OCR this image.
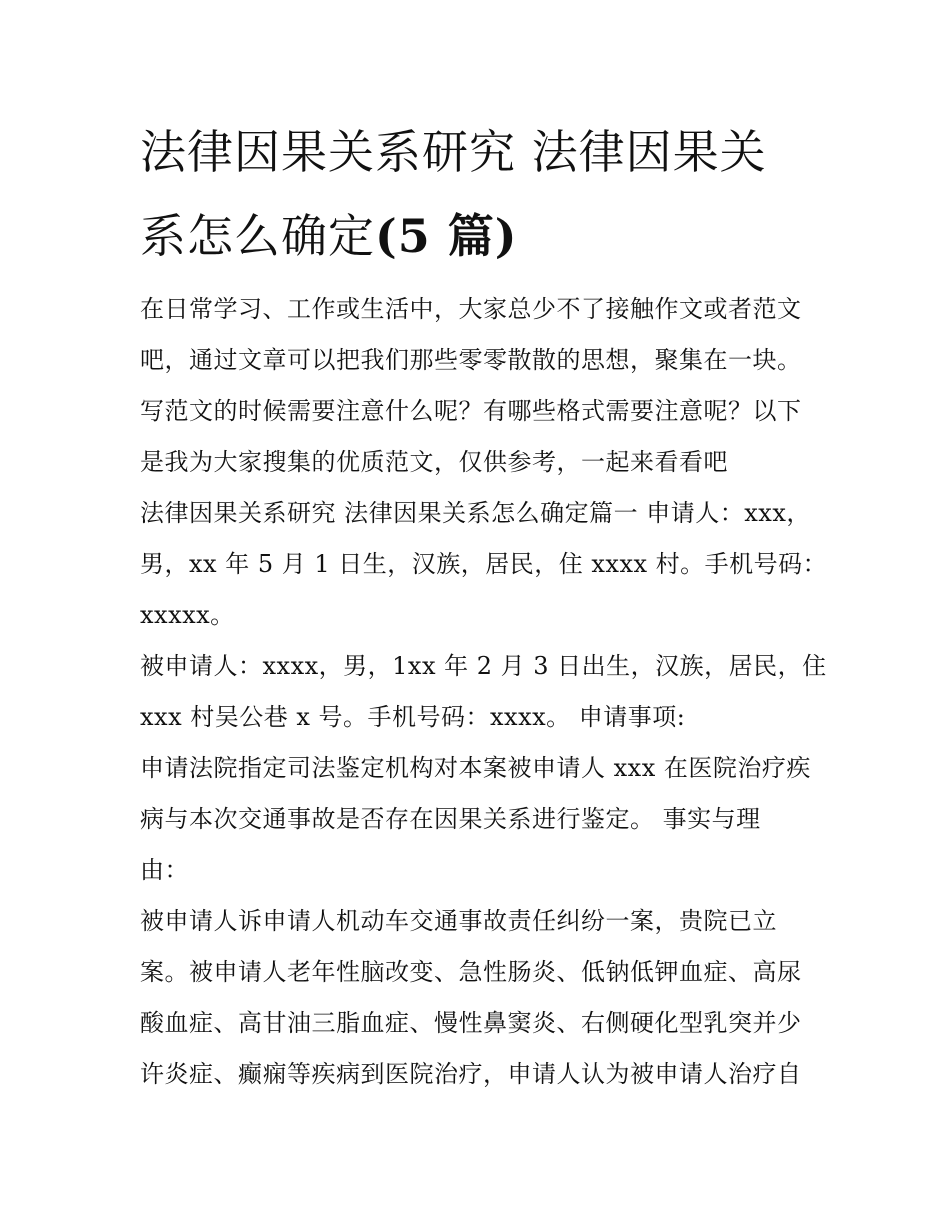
法律因果关系研究 法律因果关
系怎么确定(5 篇)
在日常学习、工作或生活中，大家总少不了接触作文或者范文
吧，通过文章可以把我们那些零零散散的思想，聚集在一块。
写范文的时候需要注意什么呢？有哪些格式需要注意呢？以下
是我为大家搜集的优质范文，仅供参考，一起来看看吧
法律因果关系研究 法律因果关系怎么确定篇一 申请人：xxx，
男，xx 年 5 月 1 日生，汉族，居民，住 xxxx 村。手机号码：
xxxxx。
被申请人：xxxx，男，1xx 年 2 月 3 日出生，汉族，居民，住
xxx 村吴公巷 x 号。手机号码：xxxx。 申请事项:
申请法院指定司法鉴定机构对本案被申请人 xxx 在医院治疗疾
病与本次交通事故是否存在因果关系进行鉴定。 事实与理
由：
被申请人诉申请人机动车交通事故责任纠纷一案，贵院已立
案。被申请人老年性脑改变、急性肠炎、低钠低钾血症、高尿
酸血症、高甘油三脂血症、慢性鼻窦炎、右侧硬化型乳突并少
许炎症、癫痫等疾病到医院治疗，申请人认为被申请人治疗自
